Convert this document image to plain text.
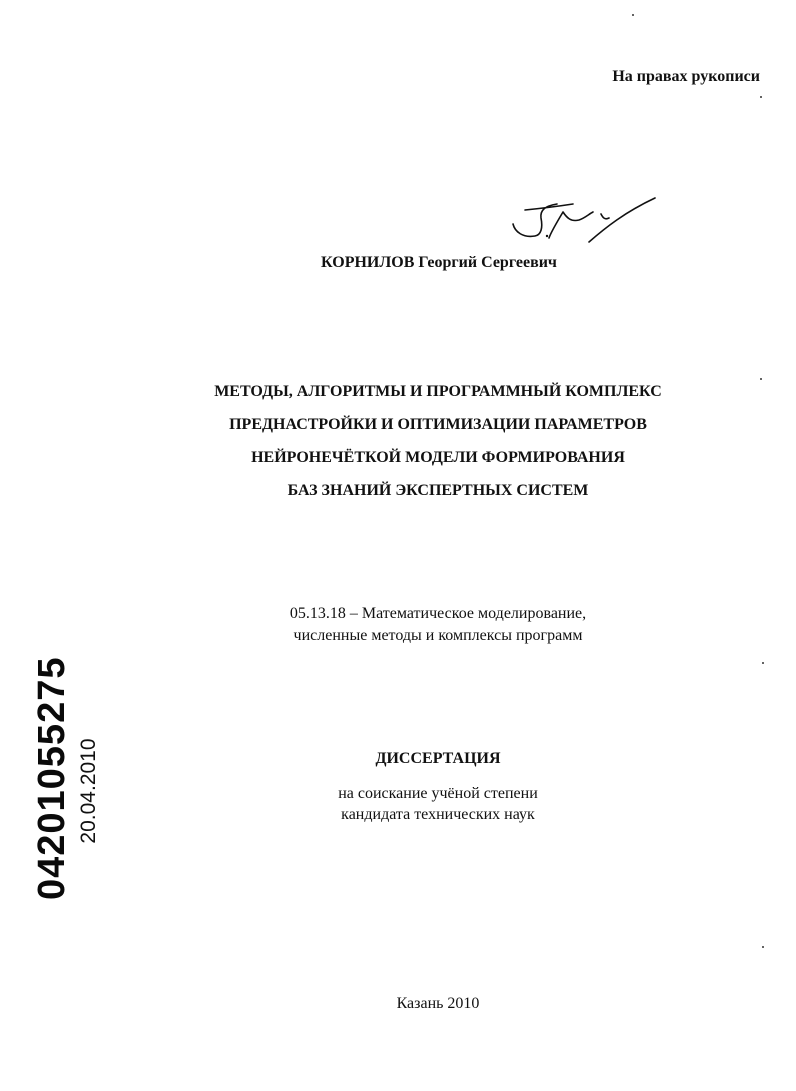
На правах рукописи
КОРНИЛОВ Георгий Сергеевич
МЕТОДЫ, АЛГОРИТМЫ И ПРОГРАММНЫЙ КОМПЛЕКС
ПРЕДНАСТРОЙКИ И ОПТИМИЗАЦИИ ПАРАМЕТРОВ
НЕЙРОНЕЧЁТКОЙ МОДЕЛИ ФОРМИРОВАНИЯ
БАЗ ЗНАНИЙ ЭКСПЕРТНЫХ СИСТЕМ
05.13.18 – Математическое моделирование,
численные методы и комплексы программ
ДИССЕРТАЦИЯ
на соискание учёной степени
кандидата технических наук
Казань 2010
04201055275 20.04.2010
